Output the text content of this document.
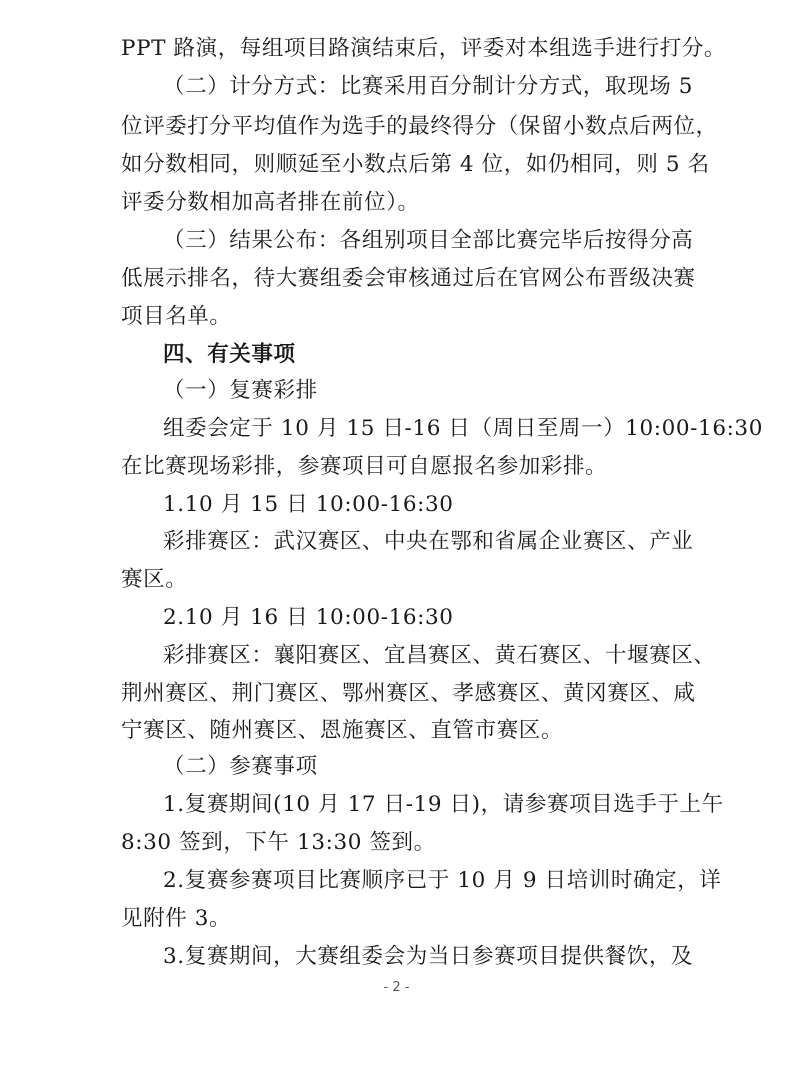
PPT 路演，每组项目路演结束后，评委对本组选手进行打分。
（二）计分方式：比赛采用百分制计分方式，取现场 5
位评委打分平均值作为选手的最终得分（保留小数点后两位，
如分数相同，则顺延至小数点后第 4 位，如仍相同，则 5 名
评委分数相加高者排在前位）。
（三）结果公布：各组别项目全部比赛完毕后按得分高
低展示排名，待大赛组委会审核通过后在官网公布晋级决赛
项目名单。
四、有关事项
（一）复赛彩排
组委会定于 10 月 15 日-16 日（周日至周一）10:00-16:30
在比赛现场彩排，参赛项目可自愿报名参加彩排。
1.10 月 15 日 10:00-16:30
彩排赛区：武汉赛区、中央在鄂和省属企业赛区、产业
赛区。
2.10 月 16 日 10:00-16:30
彩排赛区：襄阳赛区、宜昌赛区、黄石赛区、十堰赛区、
荆州赛区、荆门赛区、鄂州赛区、孝感赛区、黄冈赛区、咸
宁赛区、随州赛区、恩施赛区、直管市赛区。
（二）参赛事项
1.复赛期间(10 月 17 日-19 日)，请参赛项目选手于上午
8:30 签到，下午 13:30 签到。
2.复赛参赛项目比赛顺序已于 10 月 9 日培训时确定，详
见附件 3。
3.复赛期间，大赛组委会为当日参赛项目提供餐饮，及
- 2 -
